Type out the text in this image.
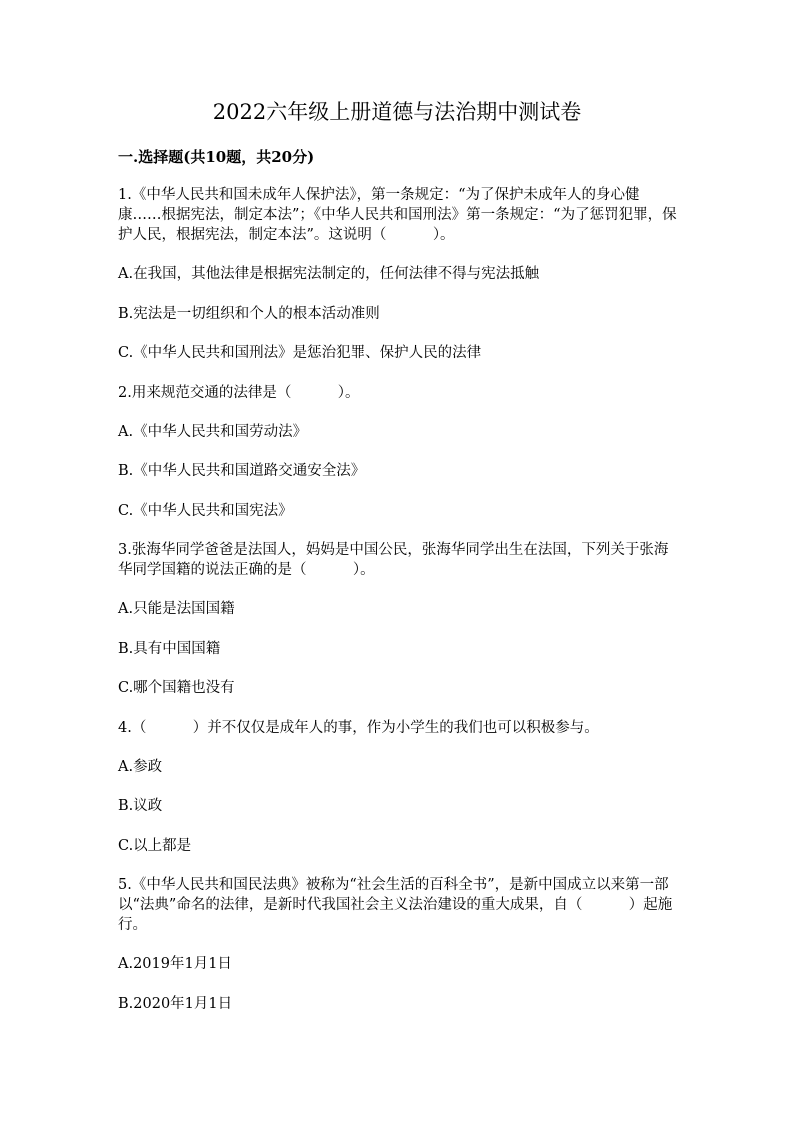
2022六年级上册道德与法治期中测试卷
一.选择题(共10题，共20分)
1.《中华人民共和国未成年人保护法》，第一条规定：“为了保护未成年人的身心健康……根据宪法，制定本法”；《中华人民共和国刑法》第一条规定：“为了惩罚犯罪，保护人民，根据宪法，制定本法”。这说明（	）。
A.在我国，其他法律是根据宪法制定的，任何法律不得与宪法抵触
B.宪法是一切组织和个人的根本活动准则
C.《中华人民共和国刑法》是惩治犯罪、保护人民的法律
2.用来规范交通的法律是（	）。
A.《中华人民共和国劳动法》
B.《中华人民共和国道路交通安全法》
C.《中华人民共和国宪法》
3.张海华同学爸爸是法国人，妈妈是中国公民，张海华同学出生在法国，下列关于张海华同学国籍的说法正确的是（	）。
A.只能是法国国籍
B.具有中国国籍
C.哪个国籍也没有
4.（	）并不仅仅是成年人的事，作为小学生的我们也可以积极参与。
A.参政
B.议政
C.以上都是
5.《中华人民共和国民法典》被称为“社会生活的百科全书”，是新中国成立以来第一部以“法典”命名的法律，是新时代我国社会主义法治建设的重大成果，自（	）起施行。
A.2019年1月1日
B.2020年1月1日
